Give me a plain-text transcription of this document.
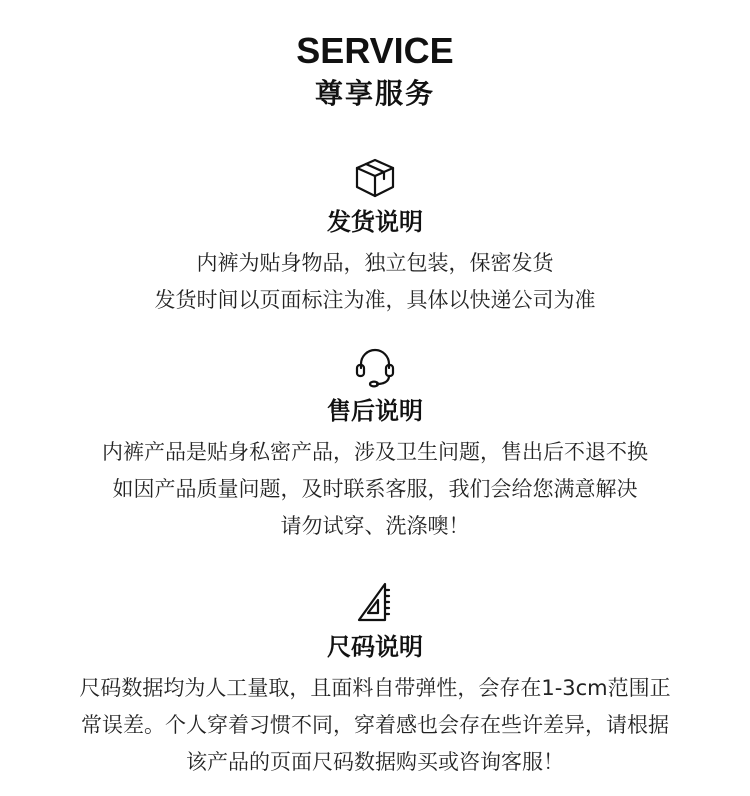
SERVICE
尊享服务
发货说明
内裤为贴身物品，独立包装，保密发货
发货时间以页面标注为准，具体以快递公司为准
售后说明
内裤产品是贴身私密产品，涉及卫生问题，售出后不退不换
如因产品质量问题，及时联系客服，我们会给您满意解决
请勿试穿、洗涤噢！
尺码说明
尺码数据均为人工量取，且面料自带弹性，会存在1-3cm范围正
常误差。个人穿着习惯不同，穿着感也会存在些许差异，请根据
该产品的页面尺码数据购买或咨询客服！
